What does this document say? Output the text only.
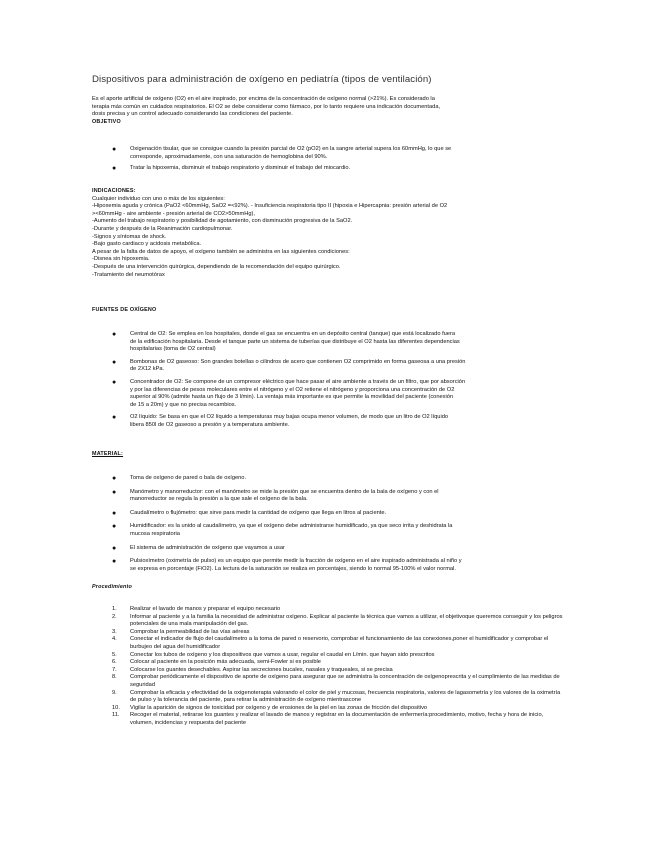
Dispositivos para administración de oxígeno en pediatría (tipos de ventilación)

Es el aporte artificial de oxígeno (O2) en el aire inspirado, por encima de la concentración de oxígeno normal (>21%). Es considerado la

terapia más común en cuidados respiratorios. El O2 se debe considerar como fármaco, por lo tanto requiere una indicación documentada,

dosis precisa y un control adecuado considerando las condiciones del paciente.

OBJETIVO

● Oxigenación tisular, que se consigue cuando la presión parcial de O2 (pO2) en la sangre arterial supera los 60mmHg, lo que se
corresponde, aproximadamente, con una saturación de hemoglobina del 90%.
● Tratar la hipoxemia, disminuir el trabajo respiratorio y disminuir el trabajo del miocardio.

INDICACIONES:

Cualquier individuo con uno o más de los siguientes:

-Hipoxemia aguda y crónica (PaO2 <60mmHg, SaO2 =<92%). - Insuficiencia respiratoria tipo II (hipoxia e Hipercapnia: presión arterial de O2

><60mmHg - aire ambiente - presión arterial de CO2>50mmHg),

-Aumento del trabajo respiratorio y posibilidad de agotamiento, con disminución progresiva de la SaO2.

-Durante y después de la Reanimación cardiopulmonar.

-Signos y síntomas de shock.

-Bajo gasto cardiaco y acidosis metabólica.

A pesar de la falta de datos de apoyo, el oxígeno también se administra en las siguientes condiciones:

-Disnea sin hipoxemia.

-Después de una intervención quirúrgica, dependiendo de la recomendación del equipo quirúrgico.

-Tratamiento del neumotórax

FUENTES DE OXÍGENO

● Central de O2: Se emplea en los hospitales, donde el gas se encuentra en un depósito central (tanque) que está localizado fuera
de la edificación hospitalaria. Desde el tanque parte un sistema de tuberías que distribuye el O2 hasta las diferentes dependencias
hospitalarias (toma de O2 central)
● Bombonas de O2 gaseoso: Son grandes botellas o cilindros de acero que contienen O2 comprimido en forma gaseosa a una presión
de 2X12 kPa.
● Concentrador de O2: Se compone de un compresor eléctrico que hace pasar el aire ambiente a través de un filtro, que por absorción
y por las diferencias de pesos moleculares entre el nitrógeno y el O2 retiene el nitrógeno y proporciona una concentración de O2
superior al 90% (admite hasta un flujo de 3 l/min). La ventaja más importante es que permite la movilidad del paciente (conexión
de 15 a 20m) y que no precisa recambios.
● O2 líquido: Se basa en que el O2 líquido a temperaturas muy bajas ocupa menor volumen, de modo que un litro de O2 líquido
libera 850l de O2 gaseoso a presión y a temperatura ambiente.

MATERIAL:

● Toma de oxígeno de pared o bala de oxígeno.
● Manómetro y manorreductor: con el manómetro se mide la presión que se encuentra dentro de la bala de oxígeno y con el
manorreductor se regula la presión a la que sale el oxígeno de la bala.
● Caudalímetro o flujómetro: que sirve para medir la cantidad de oxígeno que llega en litros al paciente.
● Humidificador: es la unido al caudalímetro, ya que el oxígeno debe administrarse humidificado, ya que seco irrita y deshidrata la
mucosa respiratoria
● El sistema de administración de oxígeno que vayamos a usar
● Pulsioxímetro (oximetría de pulso) es un equipo que permite medir la fracción de oxígeno en el aire inspirado administrada al niño y
se expresa en porcentaje (FiO2). La lectura de la saturación se realiza en porcentajes, siendo lo normal 95-100% el valor normal.

Procedimiento

1. Realizar el lavado de manos y preparar el equipo necesario
2. Informar al paciente y a la familia la necesidad de administrar oxígeno. Explicar al paciente la técnica que vamos a utilizar, el objetivoque queremos conseguir y los peligros potenciales de una mala manipulación del gas.
3. Comprobar la permeabilidad de las vías aéreas
4. Conectar el indicador de flujo del caudalímetro a la toma de pared o reservorio, comprobar el funcionamiento de las conexiones,poner el humidificador y comprobar el burbujeo del agua del humidificador
5. Conectar los tubos de oxígeno y los dispositivos que vamos a usar, regular el caudal en L/min. que hayan sido prescritos
6. Colocar al paciente en la posición más adecuada, semi-Fowler si es posible
7. Colocarse los guantes desechables. Aspirar las secreciones bucales, nasales y traqueales, si se precisa
8. Comprobar periódicamente el dispositivo de aporte de oxígeno para asegurar que se administra la concentración de oxígenoprescrita y el cumplimiento de las medidas de seguridad
9. Comprobar la eficacia y efectividad de la oxigenoterapia valorando el color de piel y mucosas, frecuencia respiratoria, valores de lagasometría y los valores de la oximetría de pulso y la tolerancia del paciente, para retirar la administración de oxígeno mientrascone
10. Vigilar la aparición de signos de toxicidad por oxígeno y de erosiones de la piel en las zonas de fricción del dispositivo
11. Recoger el material, retirarse los guantes y realizar el lavado de manos y registrar en la documentación de enfermería:procedimiento, motivo, fecha y hora de inicio, volumen, incidencias y respuesta del paciente
